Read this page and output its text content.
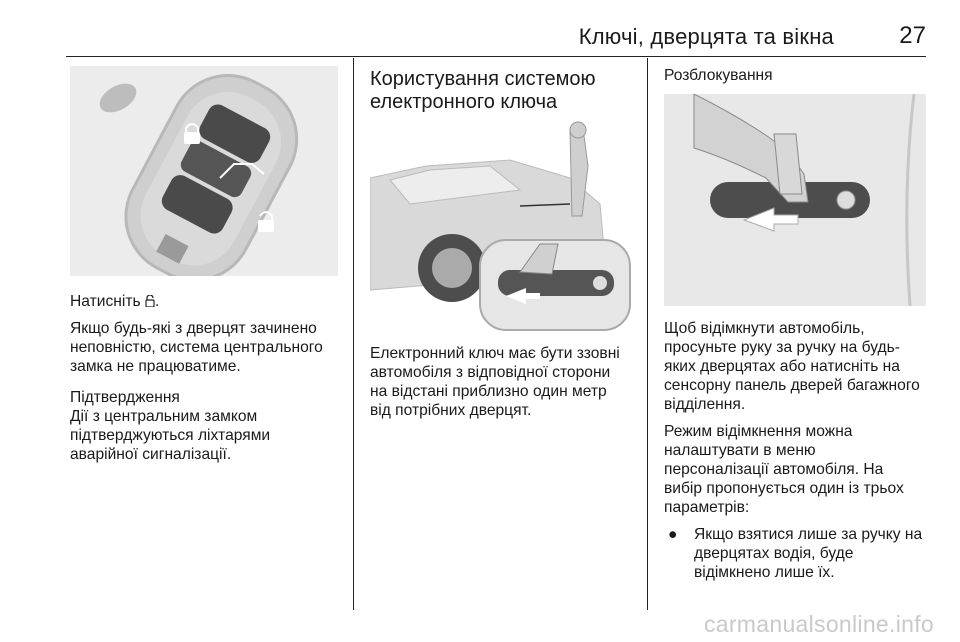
Ключі, дверцята та вікна	27

Натисніть .

Якщо будь-які з дверцят зачинено
неповністю, система центрального
замка не працюватиме.

Підтвердження

Дії з центральним замком
підтверджуються ліхтарями
аварійної сигналізації.

Користування системою
електронного ключа

Електронний ключ має бути ззовні
автомобіля з відповідної сторони
на відстані приблизно один метр
від потрібних дверцят.

Розблокування

Щоб відімкнути автомобіль,
просуньте руку за ручку на будь-
яких дверцятах або натисніть на
сенсорну панель дверей багажного
відділення.

Режим відімкнення можна
налаштувати в меню
персоналізації автомобіля. На
вибір пропонується один із трьох
параметрів:

●	Якщо взятися лише за ручку на
дверцятах водія, буде
відімкнено лише їх.

carmanualsonline.info
